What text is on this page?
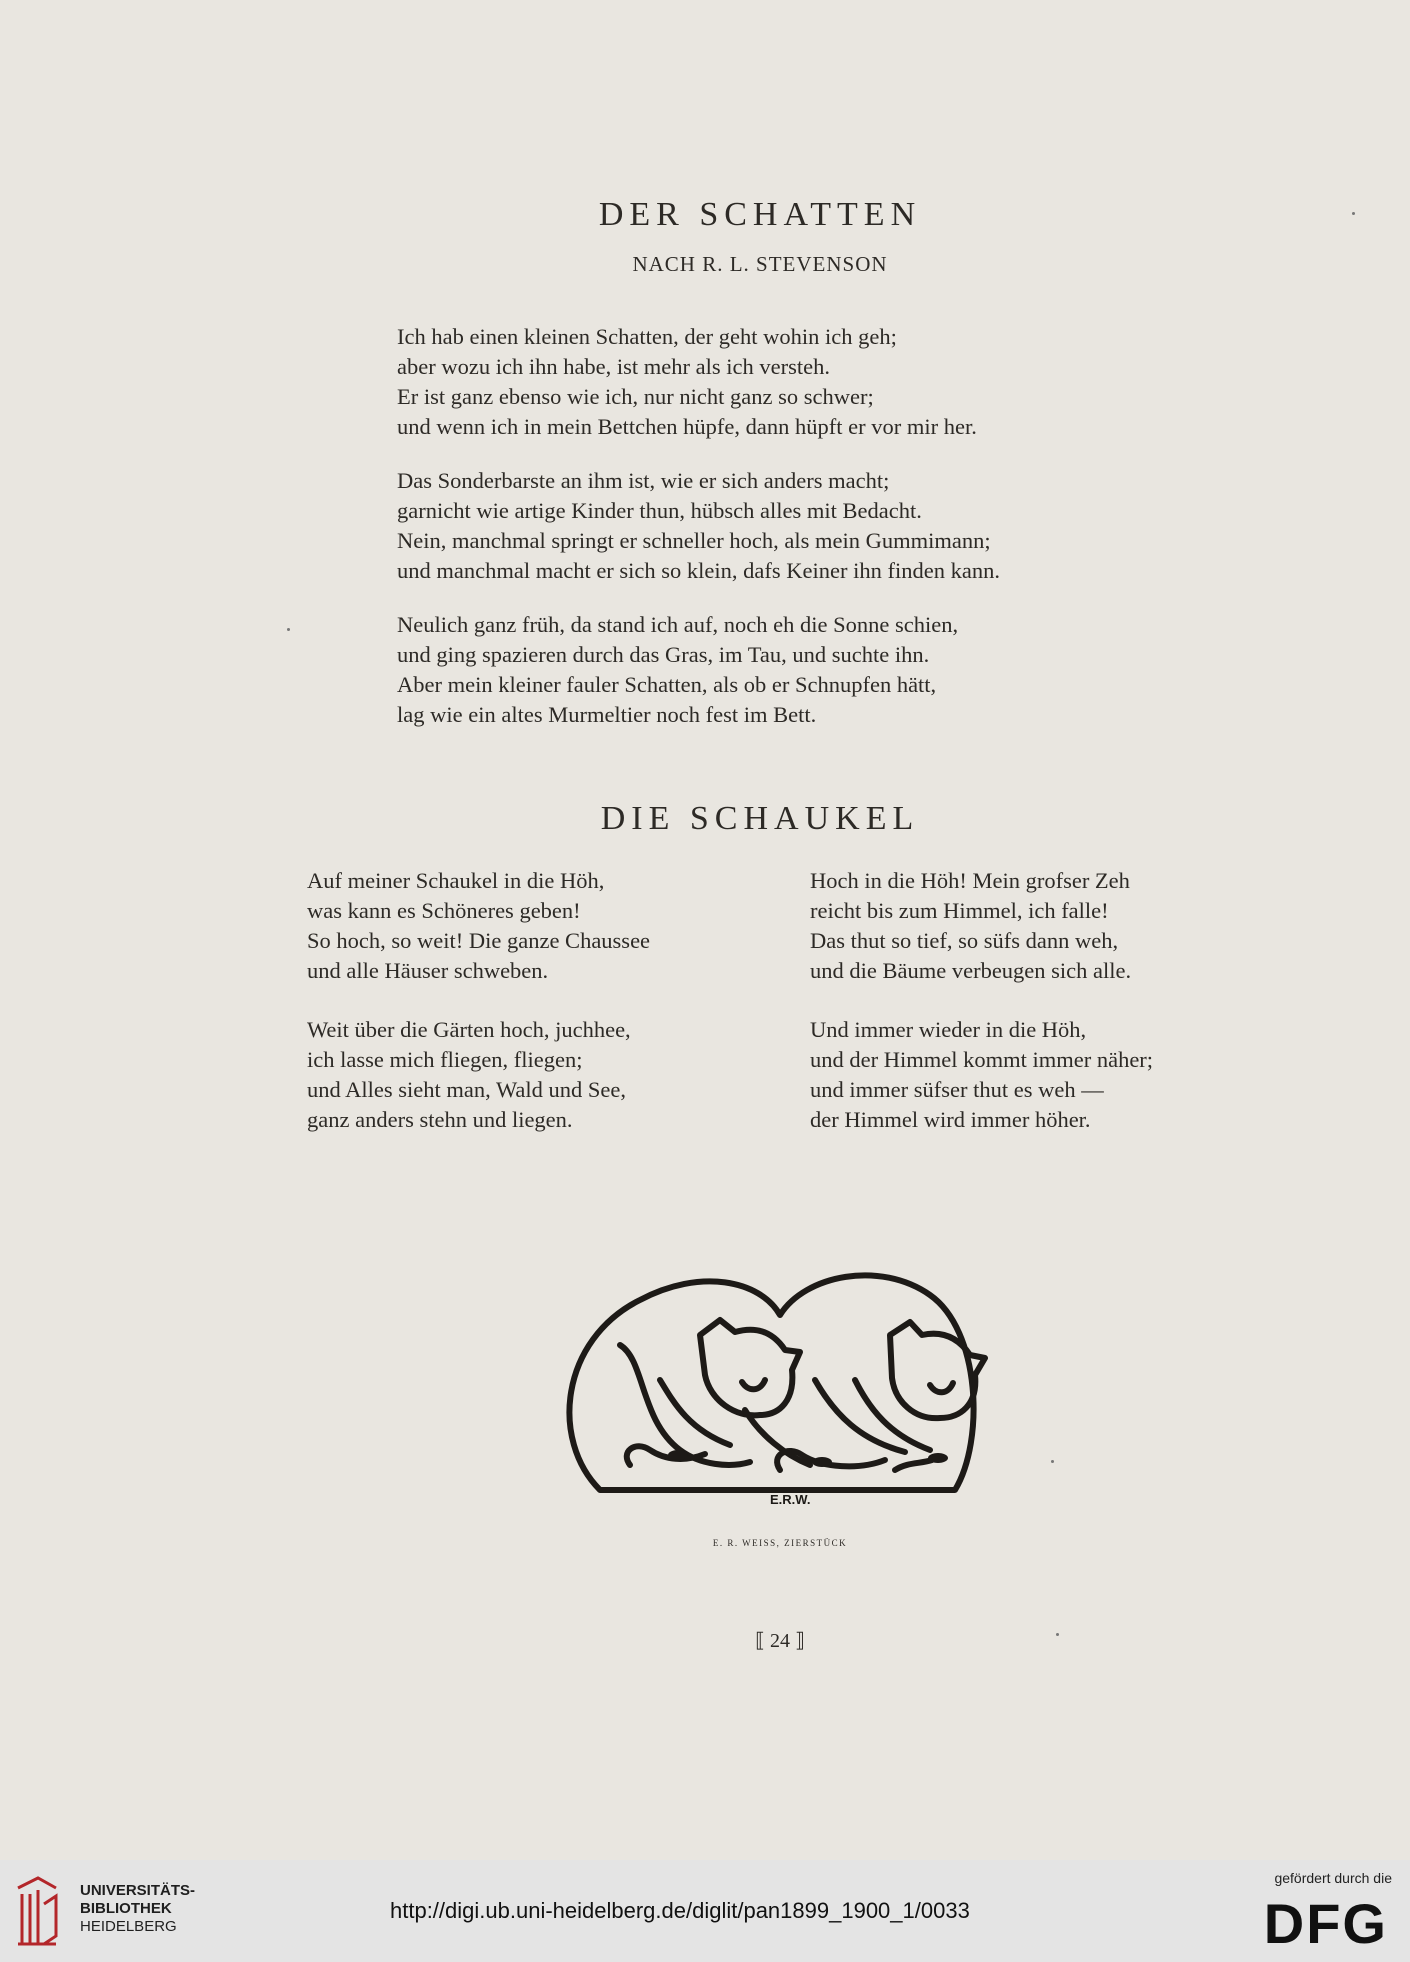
DER SCHATTEN
NACH R. L. STEVENSON
Ich hab einen kleinen Schatten, der geht wohin ich geh;
aber wozu ich ihn habe, ist mehr als ich versteh.
Er ist ganz ebenso wie ich, nur nicht ganz so schwer;
und wenn ich in mein Bettchen hüpfe, dann hüpft er vor mir her.
Das Sonderbarste an ihm ist, wie er sich anders macht;
garnicht wie artige Kinder thun, hübsch alles mit Bedacht.
Nein, manchmal springt er schneller hoch, als mein Gummimann;
und manchmal macht er sich so klein, dafs Keiner ihn finden kann.
Neulich ganz früh, da stand ich auf, noch eh die Sonne schien,
und ging spazieren durch das Gras, im Tau, und suchte ihn.
Aber mein kleiner fauler Schatten, als ob er Schnupfen hätt,
lag wie ein altes Murmeltier noch fest im Bett.
DIE SCHAUKEL
Auf meiner Schaukel in die Höh,
was kann es Schöneres geben!
So hoch, so weit! Die ganze Chaussee
und alle Häuser schweben.
Weit über die Gärten hoch, juchhee,
ich lasse mich fliegen, fliegen;
und Alles sieht man, Wald und See,
ganz anders stehn und liegen.
Hoch in die Höh! Mein grofser Zeh
reicht bis zum Himmel, ich falle!
Das thut so tief, so süfs dann weh,
und die Bäume verbeugen sich alle.
Und immer wieder in die Höh,
und der Himmel kommt immer näher;
und immer süfser thut es weh —
der Himmel wird immer höher.
E.R.W.
E. R. WEISS, ZIERSTÜCK
⟦ 24 ⟧
UNIVERSITÄTS-
BIBLIOTHEK
HEIDELBERG
http://digi.ub.uni-heidelberg.de/diglit/pan1899_1900_1/0033
gefördert durch die
DFG
